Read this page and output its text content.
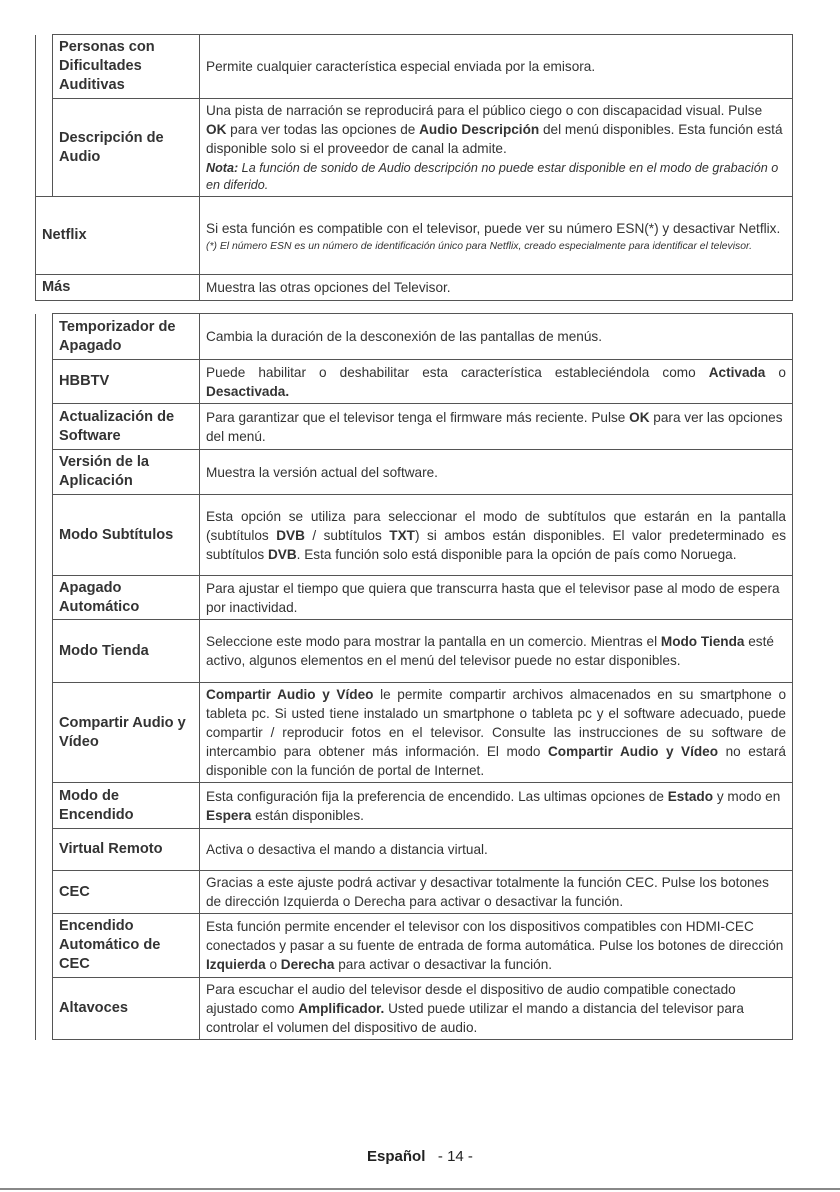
	Personas con Dificultades Auditivas	Permite cualquier característica especial enviada por la emisora.
	Descripción de Audio	Una pista de narración se reproducirá para el público ciego o con discapacidad visual. Pulse OK para ver todas las opciones de Audio Descripción del menú disponibles. Esta función está disponible solo si el proveedor de canal la admite.
Nota: La función de sonido de Audio descripción no puede estar disponible en el modo de grabación o en diferido.

Netflix		Si esta función es compatible con el televisor, puede ver su número ESN(*) y desactivar Netflix.
(*) El número ESN es un número de identificación único para Netflix, creado especialmente para identificar el televisor.

Más		Muestra las otras opciones del Televisor.
	Temporizador de Apagado	Cambia la duración de la desconexión de las pantallas de menús.
	HBBTV	Puede habilitar o deshabilitar esta característica estableciéndola como Activada o Desactivada.
	Actualización de Software	Para garantizar que el televisor tenga el firmware más reciente. Pulse OK para ver las opciones del menú.
	Versión de la Aplicación	Muestra la versión actual del software.
	Modo Subtítulos	Esta opción se utiliza para seleccionar el modo de subtítulos que estarán en la pantalla (subtítulos DVB / subtítulos TXT) si ambos están disponibles. El valor predeterminado es subtítulos DVB. Esta función solo está disponible para la opción de país como Noruega.
	Apagado Automático	Para ajustar el tiempo que quiera que transcurra hasta que el televisor pase al modo de espera por inactividad.
	Modo Tienda	Seleccione este modo para mostrar la pantalla en un comercio. Mientras el Modo Tienda esté activo, algunos elementos en el menú del televisor puede no estar disponibles.
	Compartir Audio y Vídeo	Compartir Audio y Vídeo le permite compartir archivos almacenados en su smartphone o tableta pc. Si usted tiene instalado un smartphone o tableta pc y el software adecuado, puede compartir / reproducir fotos en el televisor. Consulte las instrucciones de su software de intercambio para obtener más información. El modo Compartir Audio y Vídeo no estará disponible con la función de portal de Internet.
	Modo de Encendido	Esta configuración fija la preferencia de encendido. Las ultimas opciones de Estado y modo en Espera están disponibles.
	Virtual Remoto	Activa o desactiva el mando a distancia virtual.
	CEC	Gracias a este ajuste podrá activar y desactivar totalmente la función CEC. Pulse los botones de dirección Izquierda o Derecha para activar o desactivar la función.
	Encendido Automático de CEC	Esta función permite encender el televisor con los dispositivos compatibles con HDMI-CEC conectados y pasar a su fuente de entrada de forma automática. Pulse los botones de dirección Izquierda o Derecha para activar o desactivar la función.
	Altavoces	Para escuchar el audio del televisor desde el dispositivo de audio compatible conectado ajustado como Amplificador. Usted puede utilizar el mando a distancia del televisor para controlar el volumen del dispositivo de audio.
Español - 14 -
